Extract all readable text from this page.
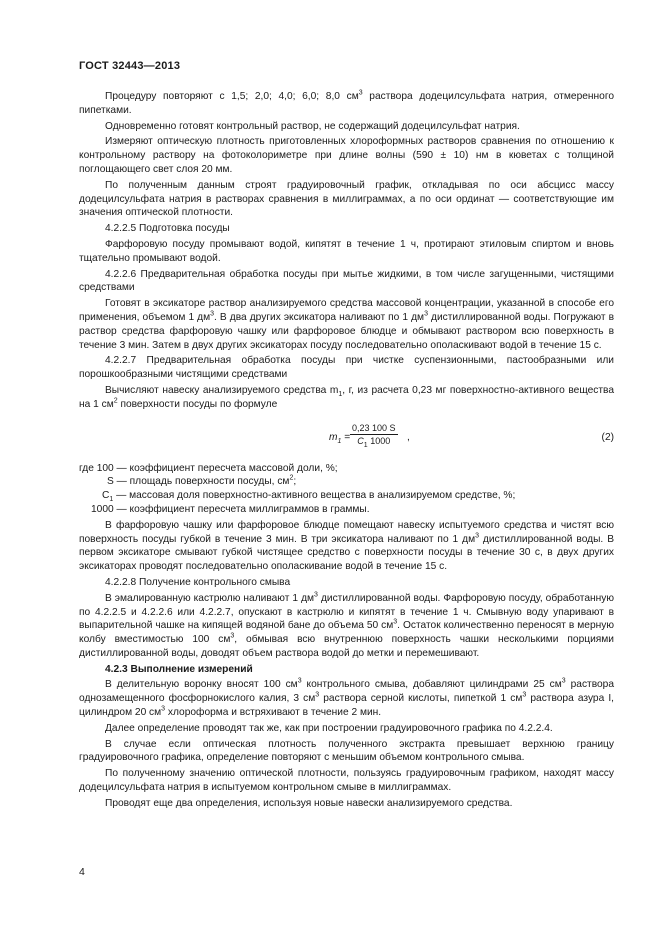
ГОСТ 32443—2013

Процедуру повторяют с 1,5; 2,0; 4,0; 6,0; 8,0 $см^3$ раствора додецилсульфата натрия, отмеренного пипетками.

Одновременно готовят контрольный раствор, не содержащий додецилсульфат натрия.

Измеряют оптическую плотность приготовленных хлороформных растворов сравнения по отношению к контрольному раствору на фотоколориметре при длине волны (590 ± 10) нм в кюветах с толщиной поглощающего свет слоя 20 мм.

По полученным данным строят градуировочный график, откладывая по оси абсцисс массу додецилсульфата натрия в растворах сравнения в миллиграммах, а по оси ординат — соответствующие им значения оптической плотности.

4.2.2.5 Подготовка посуды

Фарфоровую посуду промывают водой, кипятят в течение 1 ч, протирают этиловым спиртом и вновь тщательно промывают водой.

4.2.2.6 Предварительная обработка посуды при мытье жидкими, в том числе загущенными, чистящими средствами

Готовят в эксикаторе раствор анализируемого средства массовой концентрации, указанной в способе его применения, объемом 1 $дм^3$. В два других эксикатора наливают по 1 $дм^3$ дистиллированной воды. Погружают в раствор средства фарфоровую чашку или фарфоровое блюдце и обмывают раствором всю поверхность в течение 3 мин. Затем в двух других эксикаторах посуду последовательно ополаскивают водой в течение 15 с.

4.2.2.7 Предварительная обработка посуды при чистке суспензионными, пастообразными или порошкообразными чистящими средствами

Вычисляют навеску анализируемого средства $m_1$, г, из расчета 0,23 мг поверхностно-активного вещества на 1 $см^2$ поверхности посуды по формуле

$m_1 = \frac{0,23 100 S}{C_1 1000}$ ,	(2)

где 100 — коэффициент пересчета массовой доли, %;

S — площадь поверхности посуды, $см^2$;

$C_1$ — массовая доля поверхностно-активного вещества в анализируемом средстве, %;

1000 — коэффициент пересчета миллиграммов в граммы.

В фарфоровую чашку или фарфоровое блюдце помещают навеску испытуемого средства и чистят всю поверхность посуды губкой в течение 3 мин. В три эксикатора наливают по 1 $дм^3$ дистиллированной воды. В первом эксикаторе смывают губкой чистящее средство с поверхности посуды в течение 30 с, в двух других эксикаторах проводят последовательно ополаскивание водой в течение 15 с.

4.2.2.8 Получение контрольного смыва

В эмалированную кастрюлю наливают 1 $дм^3$ дистиллированной воды. Фарфоровую посуду, обработанную по 4.2.2.5 и 4.2.2.6 или 4.2.2.7, опускают в кастрюлю и кипятят в течение 1 ч. Смывную воду упаривают в выпарительной чашке на кипящей водяной бане до объема 50 $см^3$. Остаток количественно переносят в мерную колбу вместимостью 100 $см^3$, обмывая всю внутреннюю поверхность чашки несколькими порциями дистиллированной воды, доводят объем раствора водой до метки и перемешивают.

4.2.3 Выполнение измерений

В делительную воронку вносят 100 $см^3$ контрольного смыва, добавляют цилиндрами 25 $см^3$ раствора однозамещенного фосфорнокислого калия, 3 $см^3$ раствора серной кислоты, пипеткой 1 $см^3$ раствора азура I, цилиндром 20 $см^3$ хлороформа и встряхивают в течение 2 мин.

Далее определение проводят так же, как при построении градуировочного графика по 4.2.2.4.

В случае если оптическая плотность полученного экстракта превышает верхнюю границу градуировочного графика, определение повторяют с меньшим объемом контрольного смыва.

По полученному значению оптической плотности, пользуясь градуировочным графиком, находят массу додецилсульфата натрия в испытуемом контрольном смыве в миллиграммах.

Проводят еще два определения, используя новые навески анализируемого средства.

4
